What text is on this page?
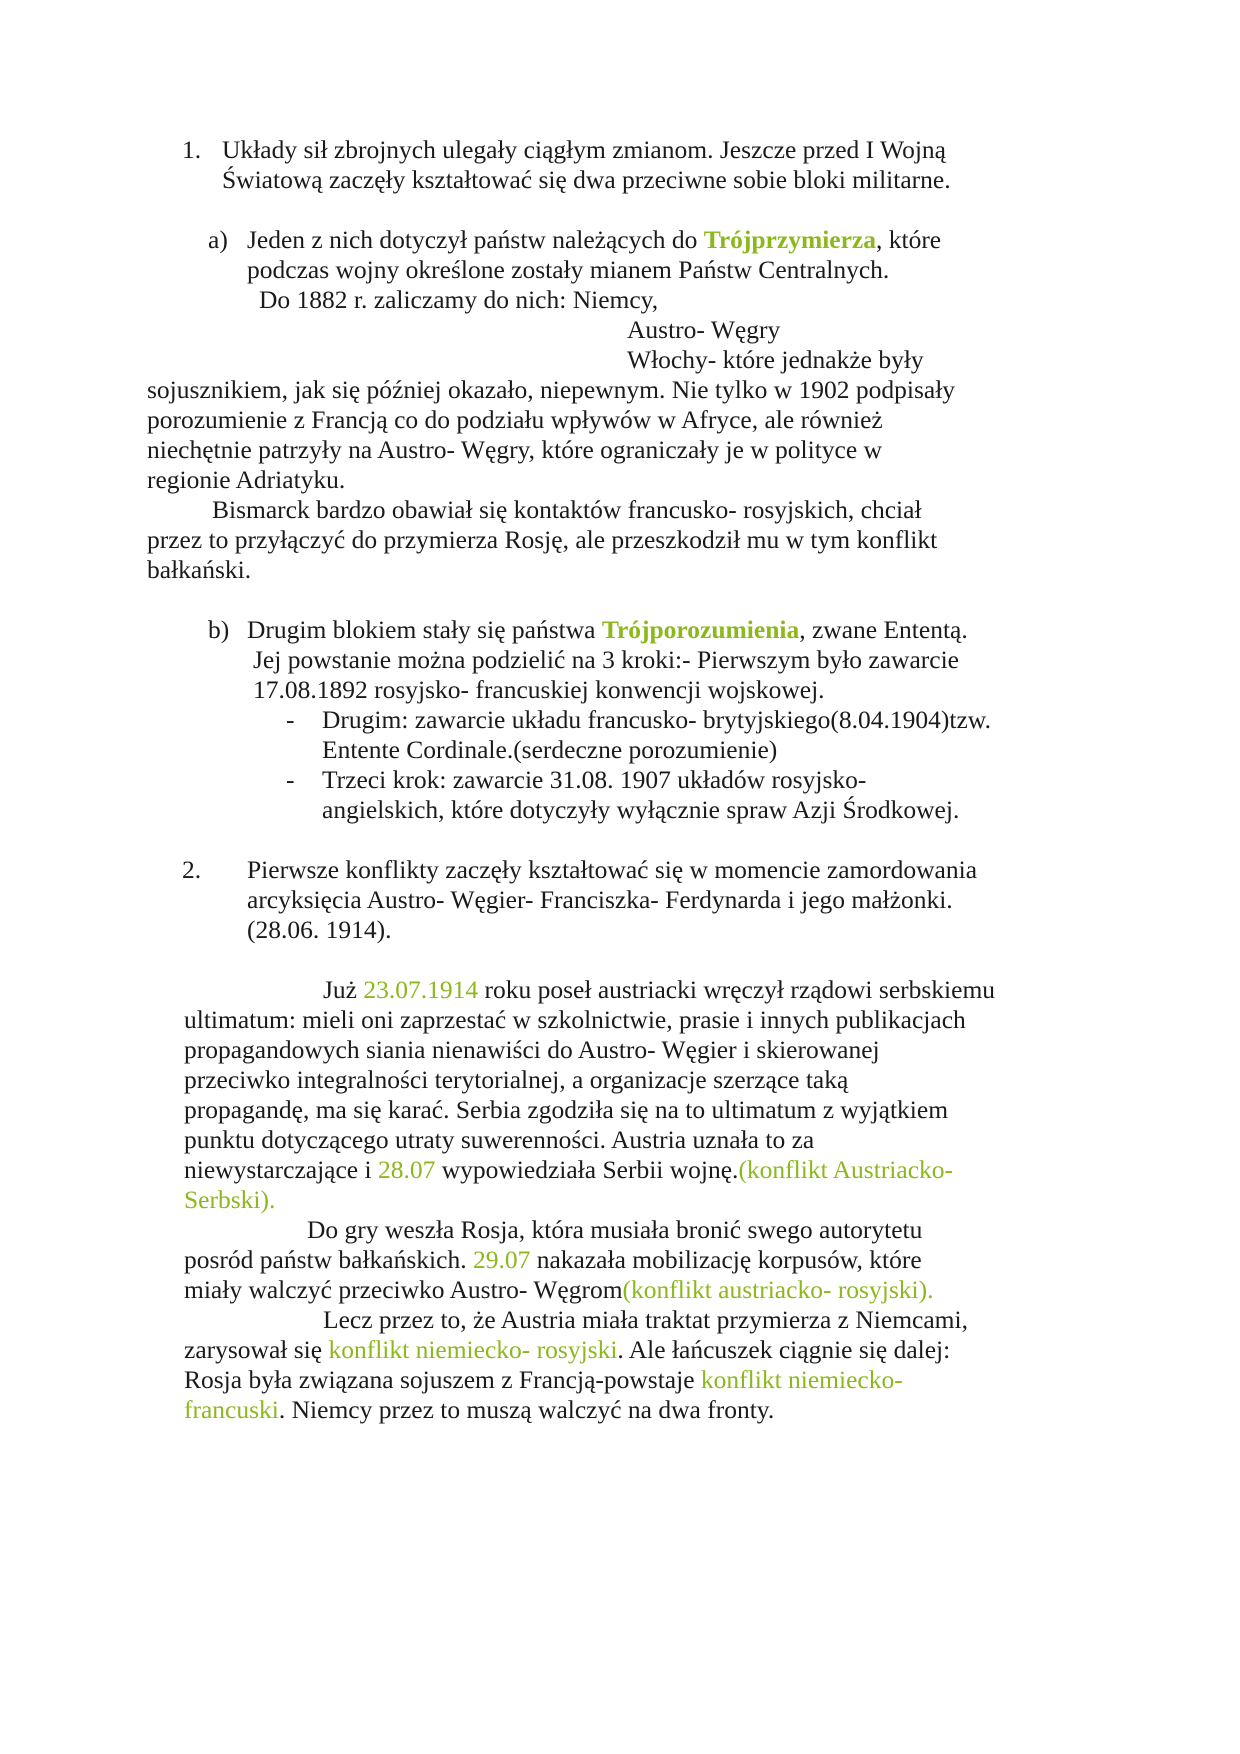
1. Układy sił zbrojnych ulegały ciągłym zmianom. Jeszcze przed I Wojną
Światową zaczęły kształtować się dwa przeciwne sobie bloki militarne.
a) Jeden z nich dotyczył państw należących do Trójprzymierza, które
podczas wojny określone zostały mianem Państw Centralnych.
Do 1882 r. zaliczamy do nich: Niemcy,
Austro- Węgry
Włochy- które jednakże były
sojusznikiem, jak się później okazało, niepewnym. Nie tylko w 1902 podpisały
porozumienie z Francją co do podziału wpływów w Afryce, ale również
niechętnie patrzyły na Austro- Węgry, które ograniczały je w polityce w
regionie Adriatyku.
Bismarck bardzo obawiał się kontaktów francusko- rosyjskich, chciał
przez to przyłączyć do przymierza Rosję, ale przeszkodził mu w tym konflikt
bałkański.
b) Drugim blokiem stały się państwa Trójporozumienia, zwane Ententą.
Jej powstanie można podzielić na 3 kroki:- Pierwszym było zawarcie
17.08.1892 rosyjsko- francuskiej konwencji wojskowej.
- Drugim: zawarcie układu francusko- brytyjskiego(8.04.1904)tzw.
Entente Cordinale.(serdeczne porozumienie)
- Trzeci krok: zawarcie 31.08. 1907 układów rosyjsko-
angielskich, które dotyczyły wyłącznie spraw Azji Środkowej.
2. Pierwsze konflikty zaczęły kształtować się w momencie zamordowania
arcyksięcia Austro- Węgier- Franciszka- Ferdynarda i jego małżonki.
(28.06. 1914).
Już 23.07.1914 roku poseł austriacki wręczył rządowi serbskiemu
ultimatum: mieli oni zaprzestać w szkolnictwie, prasie i innych publikacjach
propagandowych siania nienawiści do Austro- Węgier i skierowanej
przeciwko integralności terytorialnej, a organizacje szerzące taką
propagandę, ma się karać. Serbia zgodziła się na to ultimatum z wyjątkiem
punktu dotyczącego utraty suwerenności. Austria uznała to za
niewystarczające i 28.07 wypowiedziała Serbii wojnę.(konflikt Austriacko-
Serbski).
Do gry weszła Rosja, która musiała bronić swego autorytetu
posród państw bałkańskich. 29.07 nakazała mobilizację korpusów, które
miały walczyć przeciwko Austro- Węgrom(konflikt austriacko- rosyjski).
Lecz przez to, że Austria miała traktat przymierza z Niemcami,
zarysował się konflikt niemiecko- rosyjski. Ale łańcuszek ciągnie się dalej:
Rosja była związana sojuszem z Francją-powstaje konflikt niemiecko-
francuski. Niemcy przez to muszą walczyć na dwa fronty.
